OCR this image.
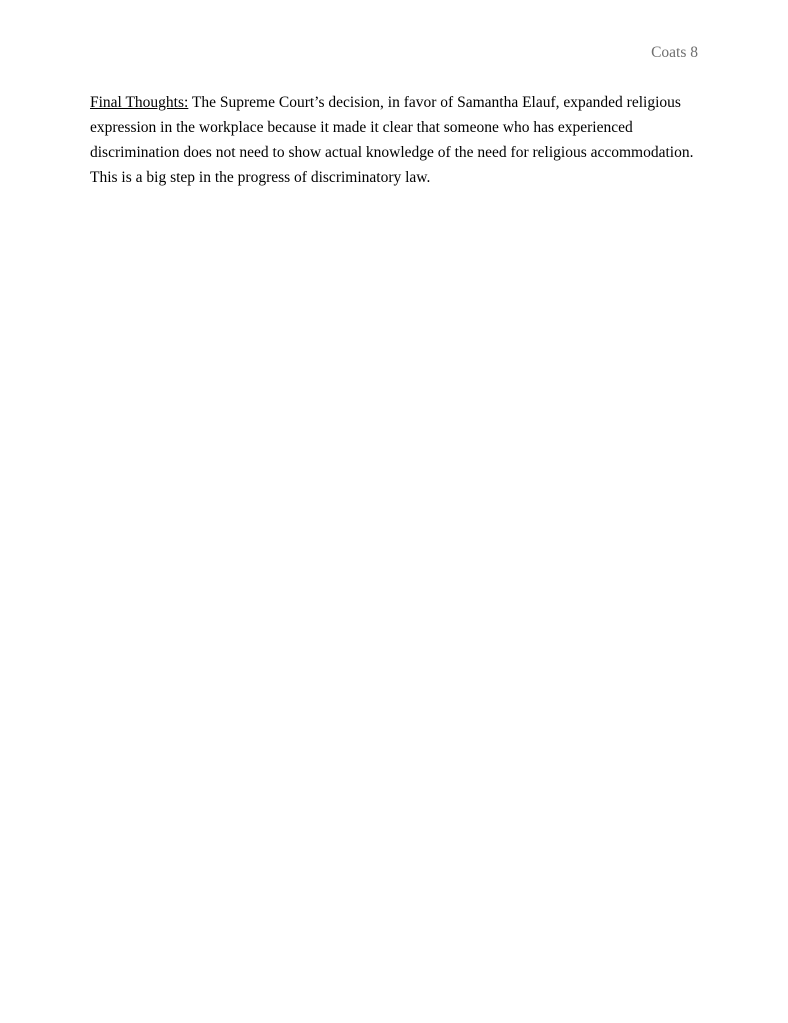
Coats 8

Final Thoughts: The Supreme Court’s decision, in favor of Samantha Elauf, expanded religious expression in the workplace because it made it clear that someone who has experienced discrimination does not need to show actual knowledge of the need for religious accommodation. This is a big step in the progress of discriminatory law.
